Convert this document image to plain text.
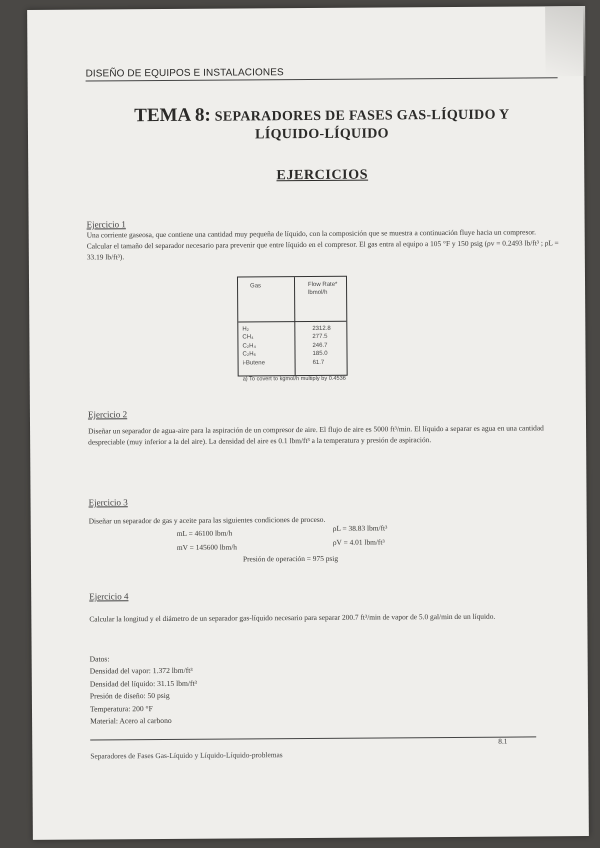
DISEÑO DE EQUIPOS E INSTALACIONES
TEMA 8: SEPARADORES DE FASES GAS-LÍQUIDO Y
LÍQUIDO-LÍQUIDO
EJERCICIOS
Ejercicio 1
Una corriente gaseosa, que contiene una cantidad muy pequeña de líquido, con la composición que se muestra a continuación fluye hacia un compresor. Calcular el tamaño del separador necesario para prevenir que entre líquido en el compresor. El gas entra al equipo a 105 °F y 150 psig (ρv = 0.2493 lb/ft³ ; ρL = 33.19 lb/ft³).
Gas	Flow Rate* lbmol/h
H₂
CH₄
C₂H₄
C₂H₆
i-Butene
2312.8
277.5
246.7
185.0
61.7
a) To covert to kgmol/h multiply by 0.4536
Ejercicio 2
Diseñar un separador de agua-aire para la aspiración de un compresor de aire. El flujo de aire es 5000 ft³/min. El líquido a separar es agua en una cantidad despreciable (muy inferior a la del aire). La densidad del aire es 0.1 lbm/ft³ a la temperatura y presión de aspiración.
Ejercicio 3
Diseñar un separador de gas y aceite para las siguientes condiciones de proceso.
mL = 46100 lbm/h
mV = 145600 lbm/h
ρL = 38.83 lbm/ft³
ρV = 4.01 lbm/ft³
Presión de operación = 975 psig
Ejercicio 4
Calcular la longitud y el diámetro de un separador gas-líquido necesario para separar 200.7 ft³/min de vapor de 5.0 gal/min de un líquido.
Datos:
Densidad del vapor: 1.372 lbm/ft³
Densidad del líquido: 31.15 lbm/ft³
Presión de diseño: 50 psig
Temperatura: 200 °F
Material: Acero al carbono
8.1
Separadores de Fases Gas-Líquido y Líquido-Líquido-problemas
